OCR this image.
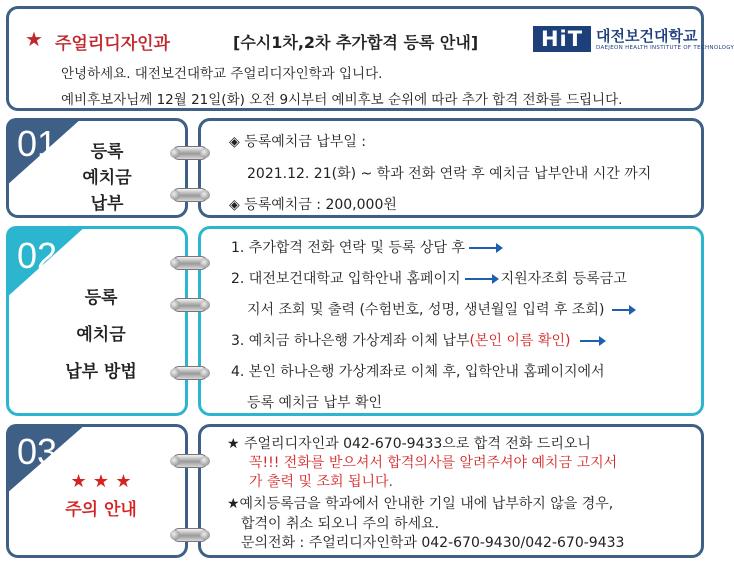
★ 주얼리디자인과	[수시1차,2차 추가합격 등록 안내]	HiT 대전보건대학교
DAEJEON HEALTH INSTITUTE OF TECHNOLOGY
안녕하세요. 대전보건대학교 주얼리디자인학과 입니다.
예비후보자님께 12월 21일(화) 오전 9시부터 예비후보 순위에 따라 추가 합격 전화를 드립니다.
01	등록
예치금
납부
◈ 등록예치금 납부일 :
2021.12. 21(화) ~ 학과 전화 연락 후 예치금 납부안내 시간 까지
◈ 등록예치금 : 200,000원
02
등록
예치금
납부 방법
1. 추가합격 전화 연락 및 등록 상담 후
2. 대전보건대학교 입학안내 홈페이지	지원자조회 등록금고
지서 조회 및 출력 (수험번호, 성명, 생년월일 입력 후 조회)
3. 예치금 하나은행 가상계좌 이체 납부(본인 이름 확인)
4. 본인 하나은행 가상계좌로 이체 후, 입학안내 홈페이지에서
등록 예치금 납부 확인
03
★ ★ ★
주의 안내
★ 주얼리디자인과 042-670-9433으로 합격 전화 드리오니
꼭!!! 전화를 받으셔서 합격의사를 알려주셔야 예치금 고지서
가 출력 및 조회 됩니다.
★예치등록금을 학과에서 안내한 기일 내에 납부하지 않을 경우,
합격이 취소 되오니 주의 하세요.
문의전화 : 주얼리디자인학과 042-670-9430/042-670-9433
